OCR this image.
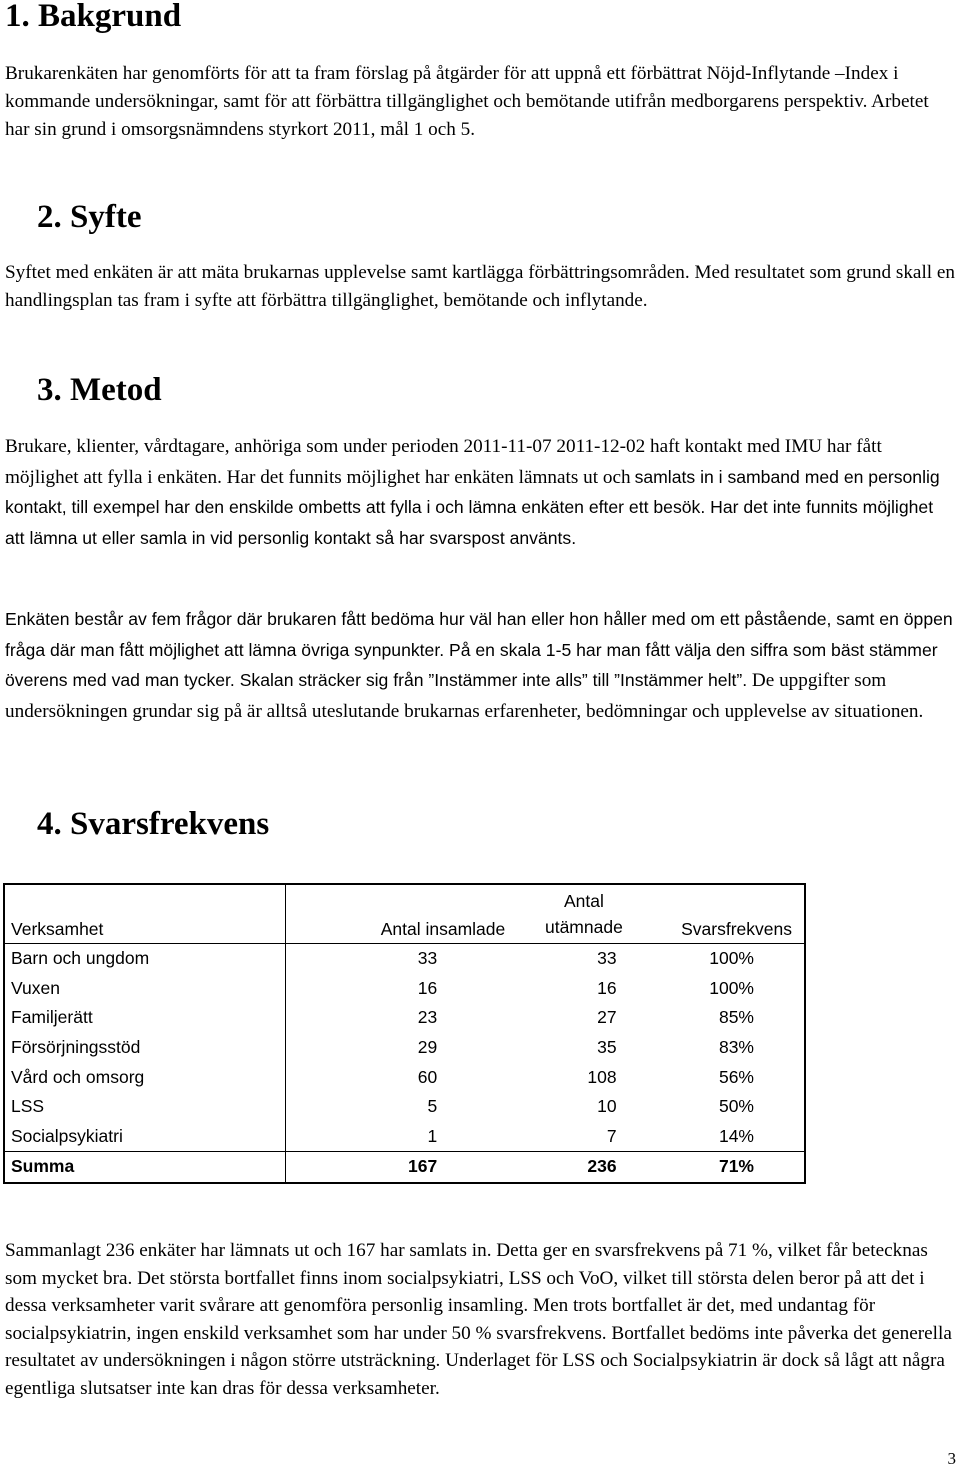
1. Bakgrund

Brukarenkäten har genomförts för att ta fram förslag på åtgärder för att uppnå ett förbättrat Nöjd-Inflytande –Index i kommande undersökningar, samt för att förbättra tillgänglighet och bemötande utifrån medborgarens perspektiv. Arbetet har sin grund i omsorgsnämndens styrkort 2011, mål 1 och 5.

2. Syfte

Syftet med enkäten är att mäta brukarnas upplevelse samt kartlägga förbättringsområden. Med resultatet som grund skall en handlingsplan tas fram i syfte att förbättra tillgänglighet, bemötande och inflytande.

3. Metod

Brukare, klienter, vårdtagare, anhöriga som under perioden 2011-11-07 2011-12-02 haft kontakt med IMU har fått möjlighet att fylla i enkäten. Har det funnits möjlighet har enkäten lämnats ut och samlats in i samband med en personlig kontakt, till exempel har den enskilde ombetts att fylla i och lämna enkäten efter ett besök. Har det inte funnits möjlighet att lämna ut eller samla in vid personlig kontakt så har svarspost använts.

Enkäten består av fem frågor där brukaren fått bedöma hur väl han eller hon håller med om ett påstående, samt en öppen fråga där man fått möjlighet att lämna övriga synpunkter. På en skala 1-5 har man fått välja den siffra som bäst stämmer överens med vad man tycker. Skalan sträcker sig från ”Instämmer inte alls” till ”Instämmer helt”. De uppgifter som undersökningen grundar sig på är alltså uteslutande brukarnas erfarenheter, bedömningar och upplevelse av situationen.

4. Svarsfrekvens
Verksamhet	Antal insamlade	Antal utämnade	Svarsfrekvens
Barn och ungdom	33	33	100%
Vuxen	16	16	100%
Familjerätt	23	27	85%
Försörjningsstöd	29	35	83%
Vård och omsorg	60	108	56%
LSS	5	10	50%
Socialpsykiatri	1	7	14%
Summa	167	236	71%

Sammanlagt 236 enkäter har lämnats ut och 167 har samlats in. Detta ger en svarsfrekvens på 71 %, vilket får betecknas som mycket bra. Det största bortfallet finns inom socialpsykiatri, LSS och VoO, vilket till största delen beror på att det i dessa verksamheter varit svårare att genomföra personlig insamling. Men trots bortfallet är det, med undantag för socialpsykiatrin, ingen enskild verksamhet som har under 50 % svarsfrekvens. Bortfallet bedöms inte påverka det generella resultatet av undersökningen i någon större utsträckning. Underlaget för LSS och Socialpsykiatrin är dock så lågt att några egentliga slutsatser inte kan dras för dessa verksamheter.

3
